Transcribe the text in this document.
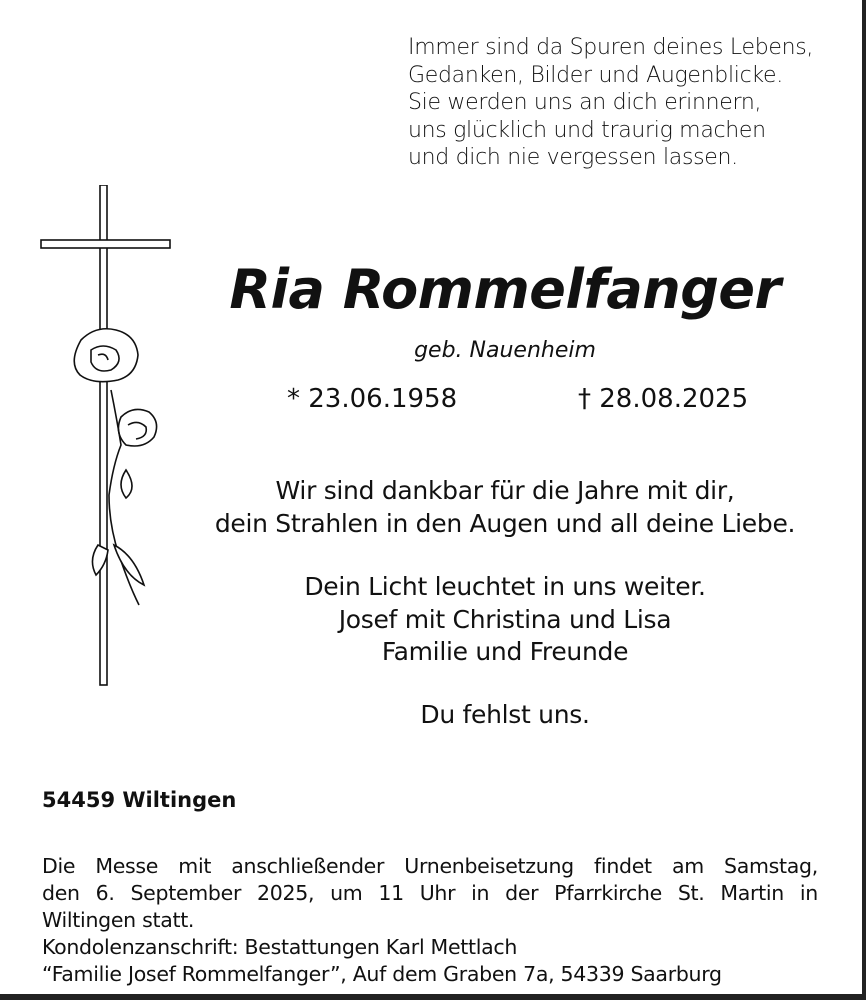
Immer sind da Spuren deines Lebens,
Gedanken, Bilder und Augenblicke.
Sie werden uns an dich erinnern,
uns glücklich und traurig machen
und dich nie vergessen lassen.
Ria Rommelfanger
geb. Nauenheim
* 23.06.1958	† 28.08.2025
Wir sind dankbar für die Jahre mit dir,
dein Strahlen in den Augen und all deine Liebe.
Dein Licht leuchtet in uns weiter.
Josef mit Christina und Lisa
Familie und Freunde
Du fehlst uns.
54459 Wiltingen
Die Messe mit anschließender Urnenbeisetzung findet am Samstag,
den 6. September 2025, um 11 Uhr in der Pfarrkirche St. Martin in
Wiltingen statt.
Kondolenzanschrift: Bestattungen Karl Mettlach
“Familie Josef Rommelfanger”, Auf dem Graben 7a, 54339 Saarburg
